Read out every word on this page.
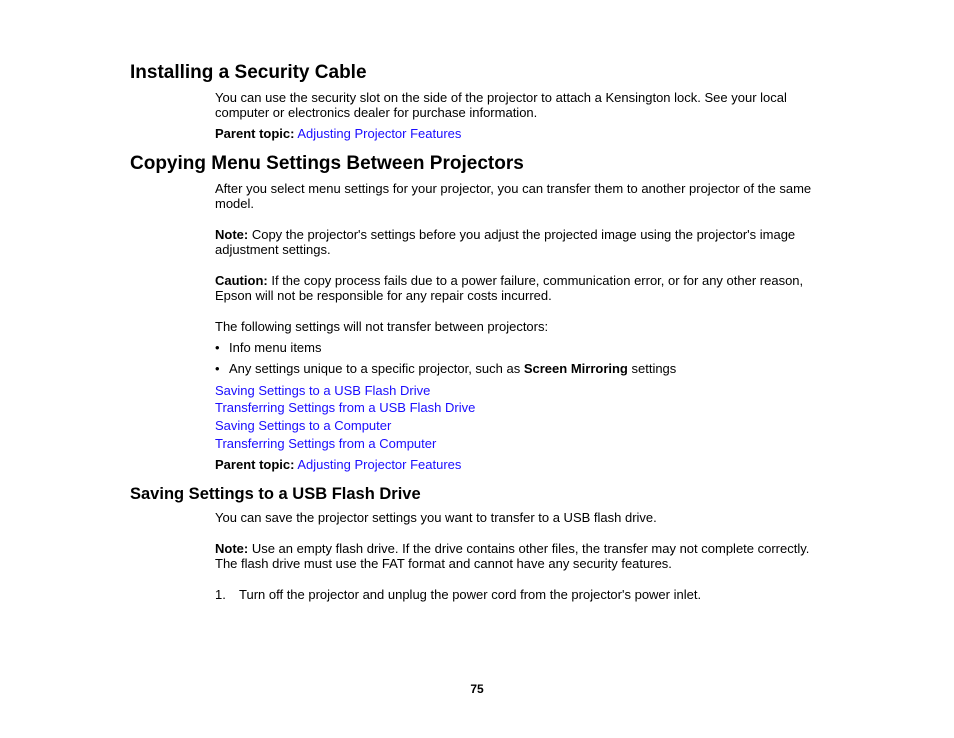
Installing a Security Cable
You can use the security slot on the side of the projector to attach a Kensington lock. See your local
computer or electronics dealer for purchase information.
Parent topic: Adjusting Projector Features
Copying Menu Settings Between Projectors
After you select menu settings for your projector, you can transfer them to another projector of the same
model.
Note: Copy the projector's settings before you adjust the projected image using the projector's image
adjustment settings.
Caution: If the copy process fails due to a power failure, communication error, or for any other reason,
Epson will not be responsible for any repair costs incurred.
The following settings will not transfer between projectors:
• Info menu items
• Any settings unique to a specific projector, such as Screen Mirroring settings
Saving Settings to a USB Flash Drive
Transferring Settings from a USB Flash Drive
Saving Settings to a Computer
Transferring Settings from a Computer
Parent topic: Adjusting Projector Features
Saving Settings to a USB Flash Drive
You can save the projector settings you want to transfer to a USB flash drive.
Note: Use an empty flash drive. If the drive contains other files, the transfer may not complete correctly.
The flash drive must use the FAT format and cannot have any security features.
1. Turn off the projector and unplug the power cord from the projector's power inlet.
75
